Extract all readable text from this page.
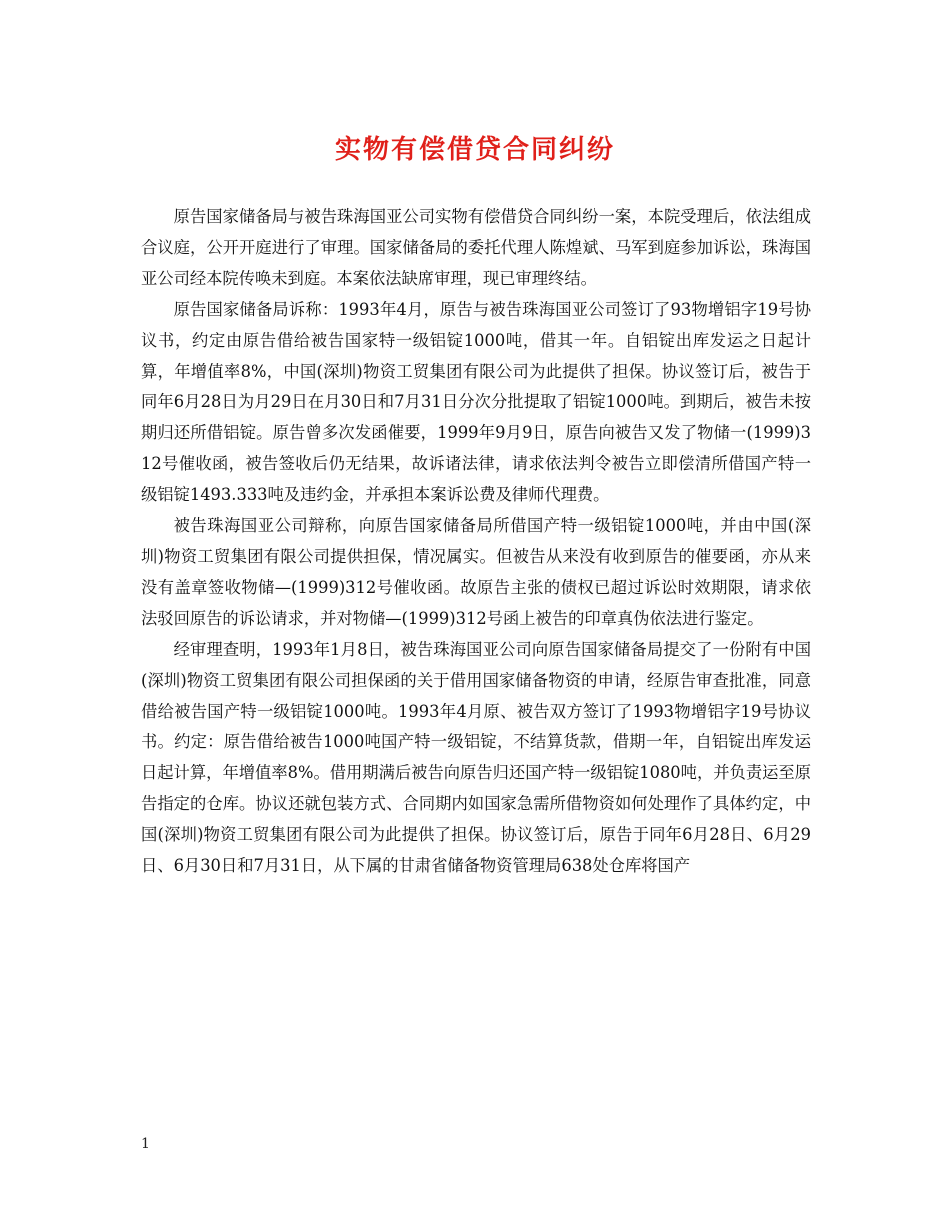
实物有偿借贷合同纠纷

原告国家储备局与被告珠海国亚公司实物有偿借贷合同纠纷一案，本院受理后，依法组成合议庭，公开开庭进行了审理。国家储备局的委托代理人陈煌斌、马军到庭参加诉讼，珠海国亚公司经本院传唤未到庭。本案依法缺席审理，现已审理终结。

原告国家储备局诉称：1993年4月，原告与被告珠海国亚公司签订了93物增铝字19号协议书，约定由原告借给被告国家特一级铝锭1000吨，借其一年。自铝锭出库发运之日起计算，年增值率8%，中国(深圳)物资工贸集团有限公司为此提供了担保。协议签订后，被告于同年6月28日为月29日在月30日和7月31日分次分批提取了铝锭1000吨。到期后，被告未按期归还所借铝锭。原告曾多次发函催要，1999年9月9日，原告向被告又发了物储一(1999)312号催收函，被告签收后仍无结果，故诉诸法律，请求依法判令被告立即偿清所借国产特一级铝锭1493.333吨及违约金，并承担本案诉讼费及律师代理费。

被告珠海国亚公司辩称，向原告国家储备局所借国产特一级铝锭1000吨，并由中国(深圳)物资工贸集团有限公司提供担保，情况属实。但被告从来没有收到原告的催要函，亦从来没有盖章签收物储—(1999)312号催收函。故原告主张的债权已超过诉讼时效期限，请求依法驳回原告的诉讼请求，并对物储—(1999)312号函上被告的印章真伪依法进行鉴定。

经审理查明，1993年1月8日，被告珠海国亚公司向原告国家储备局提交了一份附有中国(深圳)物资工贸集团有限公司担保函的关于借用国家储备物资的申请，经原告审查批准，同意借给被告国产特一级铝锭1000吨。1993年4月原、被告双方签订了1993物增铝字19号协议书。约定：原告借给被告1000吨国产特一级铝锭，不结算货款，借期一年，自铝锭出库发运日起计算，年增值率8%。借用期满后被告向原告归还国产特一级铝锭1080吨，并负责运至原告指定的仓库。协议还就包装方式、合同期内如国家急需所借物资如何处理作了具体约定，中国(深圳)物资工贸集团有限公司为此提供了担保。协议签订后，原告于同年6月28日、6月29日、6月30日和7月31日，从下属的甘肃省储备物资管理局638处仓库将国产

1
